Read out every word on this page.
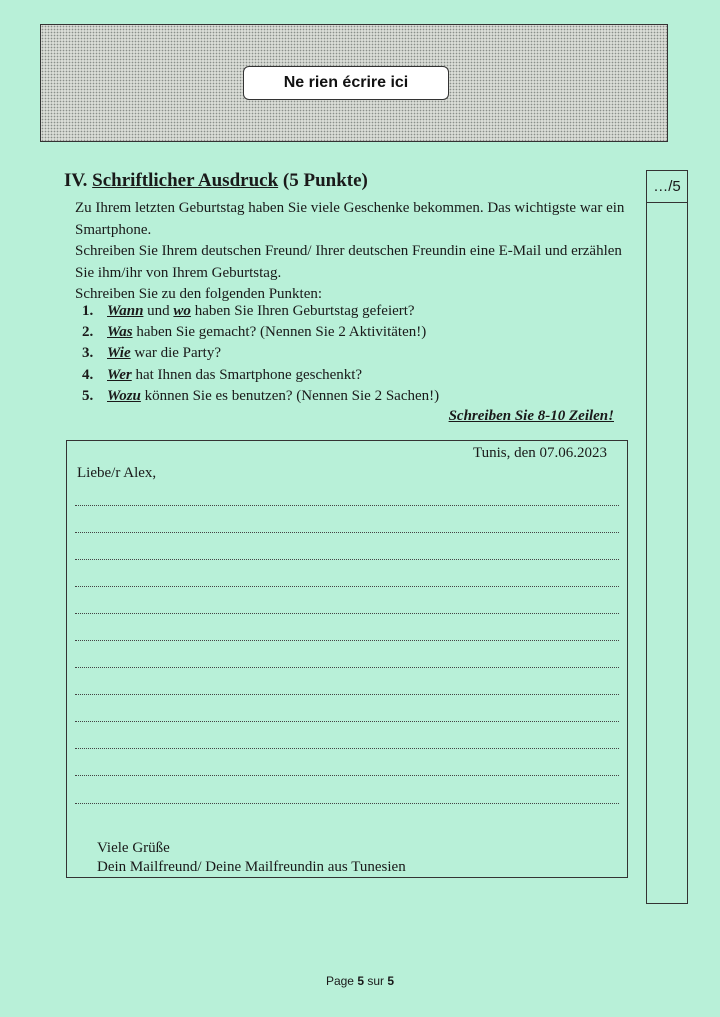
Ne rien écrire ici
…/5
IV. Schriftlicher Ausdruck (5 Punkte)

Zu Ihrem letzten Geburtstag haben Sie viele Geschenke bekommen. Das wichtigste war ein Smartphone.

Schreiben Sie Ihrem deutschen Freund/ Ihrer deutschen Freundin eine E-Mail und erzählen Sie ihm/ihr von Ihrem Geburtstag.

Schreiben Sie zu den folgenden Punkten:

1. Wann und wo haben Sie Ihren Geburtstag gefeiert?
2. Was haben Sie gemacht? (Nennen Sie 2 Aktivitäten!)
3. Wie war die Party?
4. Wer hat Ihnen das Smartphone geschenkt?
5. Wozu können Sie es benutzen? (Nennen Sie 2 Sachen!)
Schreiben Sie 8-10 Zeilen!
Tunis, den 07.06.2023
Liebe/r Alex,
Viele Grüße
Dein Mailfreund/ Deine Mailfreundin aus Tunesien
Page 5 sur 5
